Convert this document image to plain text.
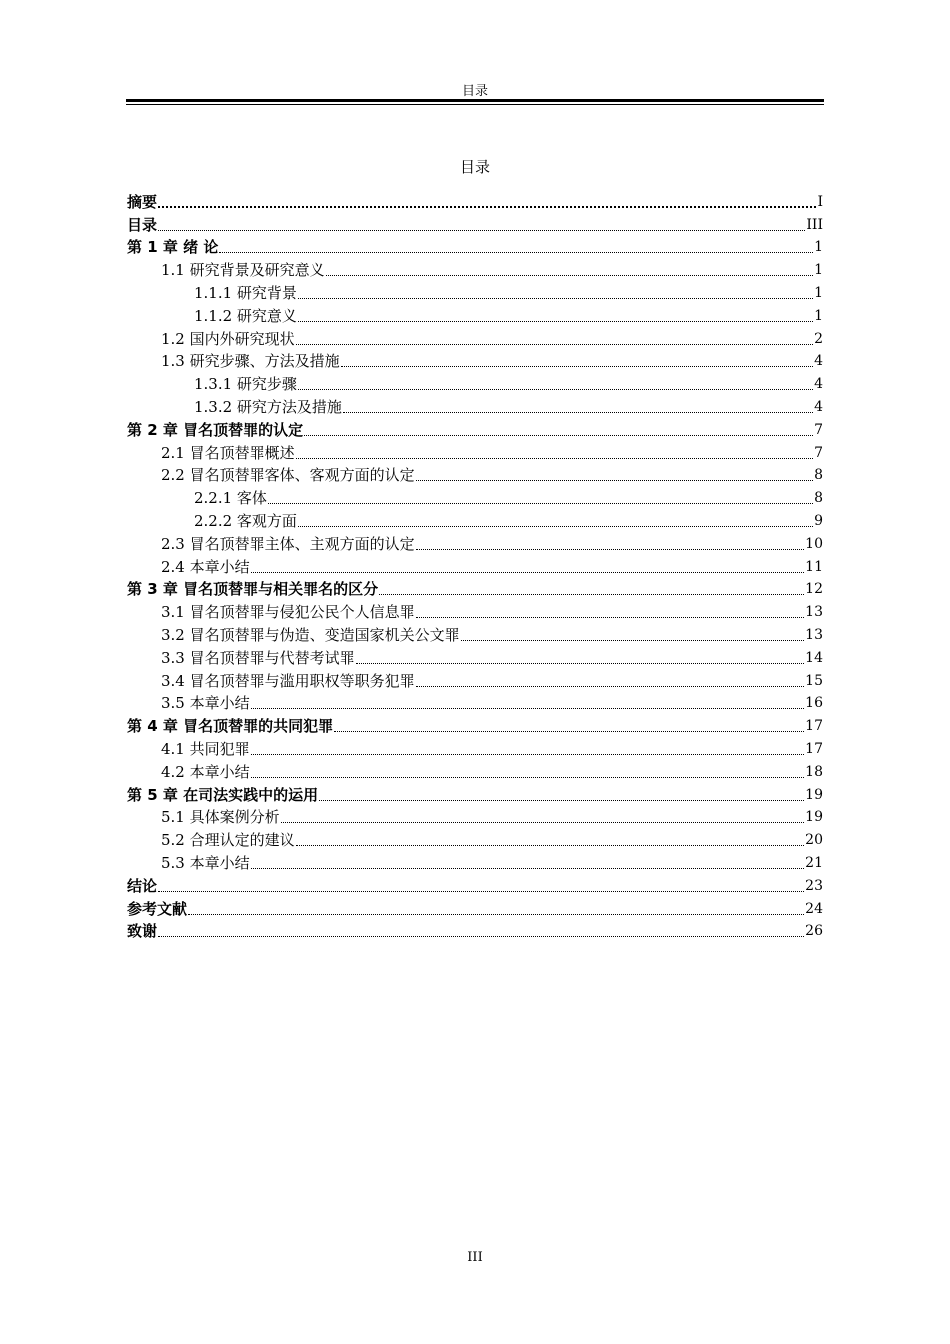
目录
目录
摘要	I
目录	III
第 1 章 绪 论	1
1.1 研究背景及研究意义	1
1.1.1 研究背景	1
1.1.2 研究意义	1
1.2 国内外研究现状	2
1.3 研究步骤、方法及措施	4
1.3.1 研究步骤	4
1.3.2 研究方法及措施	4
第 2 章 冒名顶替罪的认定	7
2.1 冒名顶替罪概述	7
2.2 冒名顶替罪客体、客观方面的认定	8
2.2.1 客体	8
2.2.2 客观方面	9
2.3 冒名顶替罪主体、主观方面的认定	10
2.4 本章小结	11
第 3 章 冒名顶替罪与相关罪名的区分	12
3.1 冒名顶替罪与侵犯公民个人信息罪	13
3.2 冒名顶替罪与伪造、变造国家机关公文罪	13
3.3 冒名顶替罪与代替考试罪	14
3.4 冒名顶替罪与滥用职权等职务犯罪	15
3.5 本章小结	16
第 4 章 冒名顶替罪的共同犯罪	17
4.1 共同犯罪	17
4.2 本章小结	18
第 5 章 在司法实践中的运用	19
5.1 具体案例分析	19
5.2 合理认定的建议	20
5.3 本章小结	21
结论	23
参考文献	24
致谢	26
III
